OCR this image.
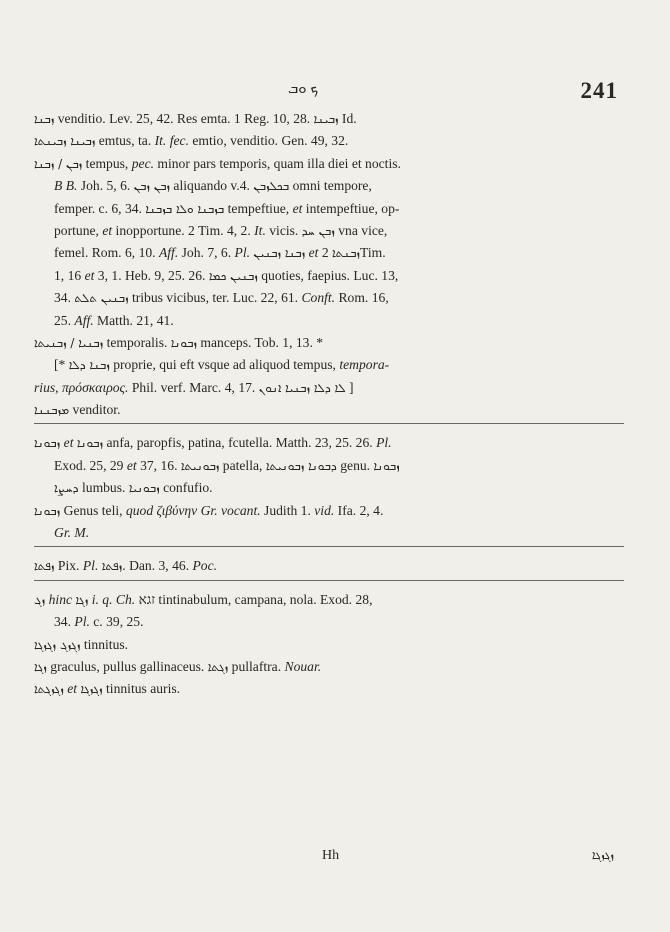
ܟ ܘܒ	241
ܙܒܢܐ venditio. Lev. 25, 42. Res emta. 1 Reg. 10, 28. ܙܒܝܢܐ Id.
ܙܒܝܢܐ ܙܒܝܢܬܐ emtus, ta. It. fec. emtio, venditio. Gen. 49, 32.
ܙܒܢ / ܙܒܢܐ tempus, pec. minor pars temporis, quam illa diei et noctis.
B B. Joh. 5, 6. ܙܒܢ ܙܒܢ aliquando v.4. ܒܟܠܙܒܢ omni tempore,
femper. c. 6, 34. ܒܙܒܢܐ ܘܠܐ ܒܙܒܢܐ tempeftiue, et intempeftiue, op-
portune, et inopportune. 2 Tim. 4, 2. It. vicis. ܙܒܢ ܚܕ vna vice,
femel. Rom. 6, 10. Aff. Joh. 7, 6. Pl. ܙܒܢܐ ܙܒܢܝܢ et ܙܒܢܬܐ 2Tim.
1, 16 et 3, 1. Heb. 9, 25. 26. ܙܒܢܝܢ ܟܡܐ quoties, faepius. Luc. 13,
34. ܙܒܢܝܢ ܬܠܬ tribus vicibus, ter. Luc. 22, 61. Conft. Rom. 16,
25. Aff. Matth. 21, 41.
ܙܒܢܝܐ / ܙܒܢܝܬܐ temporalis. ܙܒܘܢܐ manceps. Tob. 1, 13. *
[* ܙܒܢܐ ܕܠܐ proprie, qui eft vsque ad aliquod tempus, tempora-
rius, πρόσκαιρος. Phil. verf. Marc. 4, 17. ܠܐ ܕܠܐ ܙܒܢܝܐ ܐܢܘܢ ]
ܡܙܒܢܢܐ venditor.
ܙܒܘܢܐ et ܙܒܘܢܐ anfa, paropfis, patina, fcutella. Matth. 23, 25. 26. Pl.
Exod. 25, 29 et 37, 16. ܙܒܘܢܝܬܐ patella, ܕܒܘܢܐ ܙܒܘܢܝܬܐ genu. ܙܒܘܢܐ
ܕܚܨܐ lumbus. ܙܒܘܢܝܐ confufio.
ܙܒܘܢܐ Genus teli, quod ζιβύνην Gr. vocant. Judith 1. vid. Ifa. 2, 4.
Gr. M.
ܙܦܬܐ Pix. Pl. ܙܦܬܐ. Dan. 3, 46. Poc.
ܙܓ hinc ܙܓܐ i. q. Ch. זגא tintinabulum, campana, nola. Exod. 28,
34. Pl. c. 39, 25.
ܙܓܙܓ ܙܓܙܓܐ tinnitus.
ܙܓܐ graculus, pullus gallinaceus. ܙܓܬܐ pullaftra. Nouar.
ܙܓܙܓܬܐ et ܙܓܙܓܐ tinnitus auris.
Hh	ܙܓܙܓܐ
